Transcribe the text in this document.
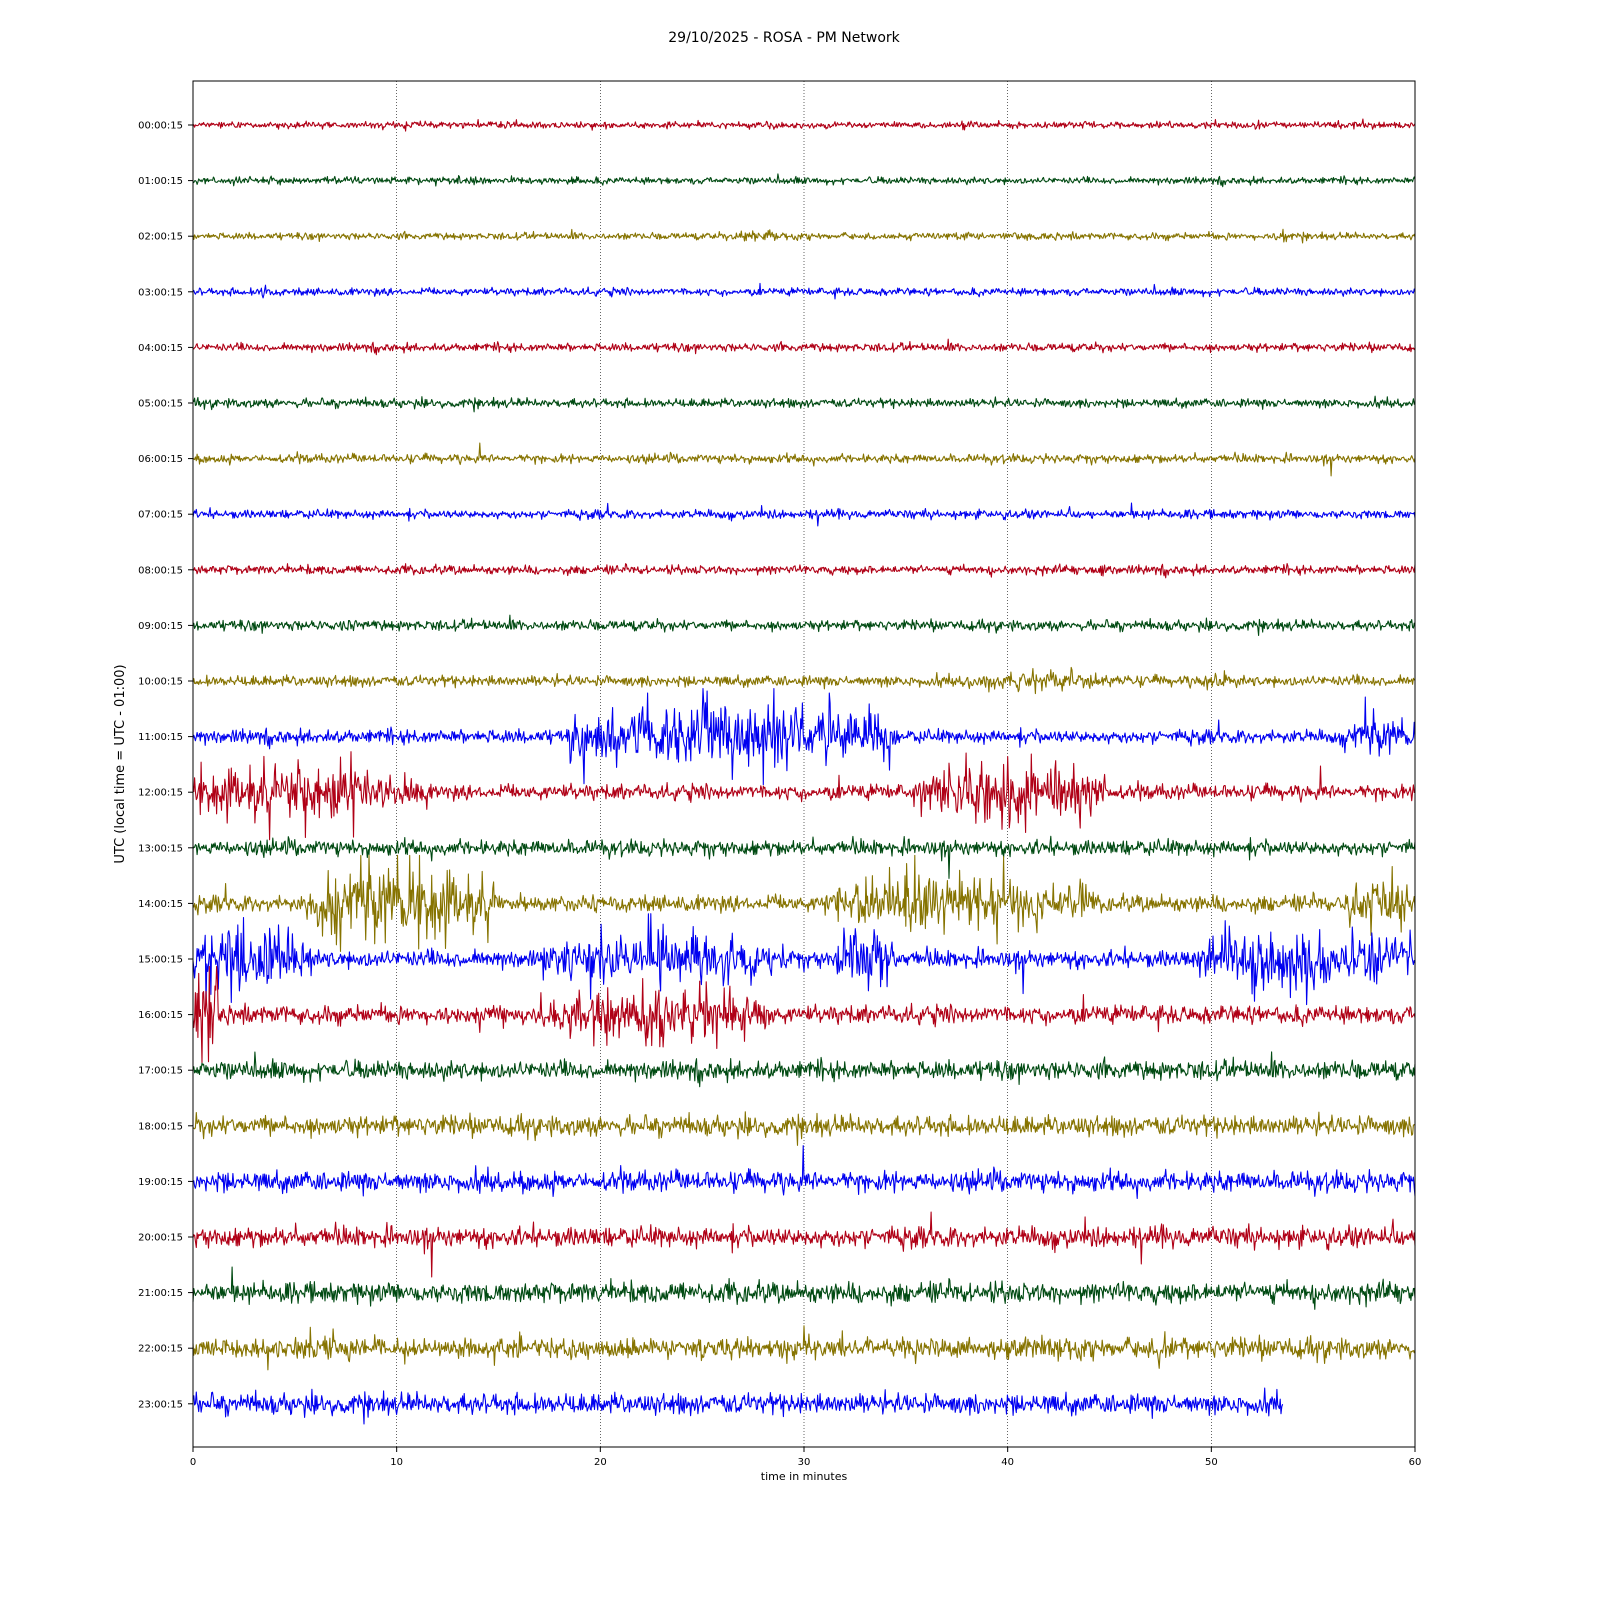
29/10/2025 - ROSA - PM Network
00:00:15
01:00:15
02:00:15
03:00:15
04:00:15
05:00:15
06:00:15
07:00:15
08:00:15
09:00:15
10:00:15
11:00:15
12:00:15
13:00:15
14:00:15
15:00:15
16:00:15
17:00:15
18:00:15
19:00:15
20:00:15
21:00:15
22:00:15
23:00:15
0	10	20	30	40	50	60
time in minutes
UTC (local time = UTC - 01:00)
